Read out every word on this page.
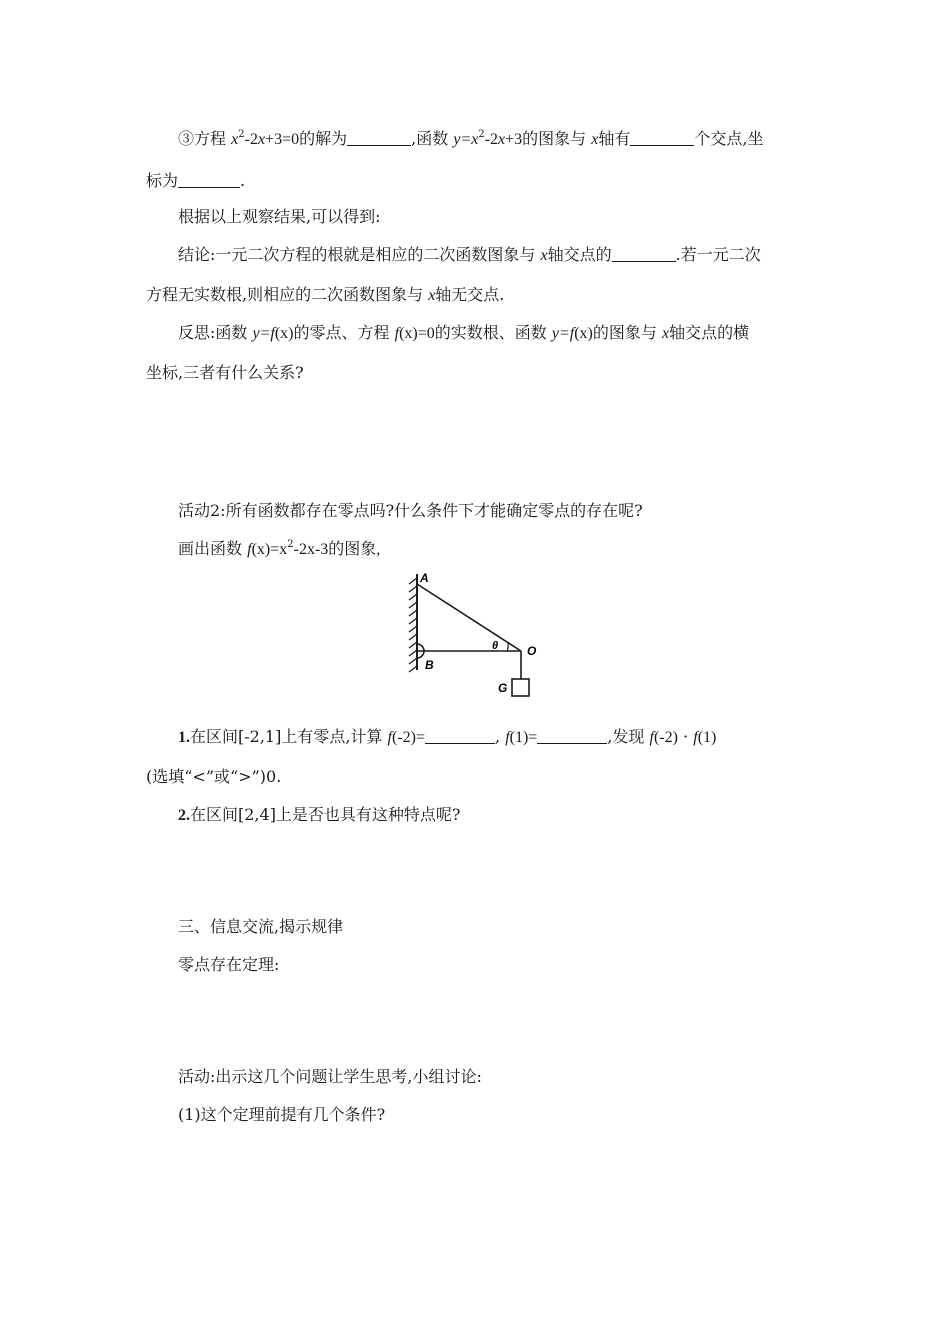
③方程 $x^2-2x+3=0$的解为	,函数 $y=x^2-2x+3$的图象与 x轴有	个交点,坐
标为	.
根据以上观察结果,可以得到:
结论:一元二次方程的根就是相应的二次函数图象与 x轴交点的	.若一元二次
方程无实数根,则相应的二次函数图象与 x轴无交点.
反思:函数 y=f(x)的零点、方程 f(x)=0的实数根、函数 y=f(x)的图象与 x轴交点的横
坐标,三者有什么关系?
活动2:所有函数都存在零点吗?什么条件下才能确定零点的存在呢?
画出函数 $f(x)=x^2-2x-3$的图象,
A
B
O
G
θ
1.在区间[-2,1]上有零点,计算 f(-2)=	, f(1)=	,发现 f(-2) · f(1)
(选填“<”或“>”)0.
2.在区间[2,4]上是否也具有这种特点呢?
三、信息交流,揭示规律
零点存在定理:
活动:出示这几个问题让学生思考,小组讨论:
(1)这个定理前提有几个条件?
